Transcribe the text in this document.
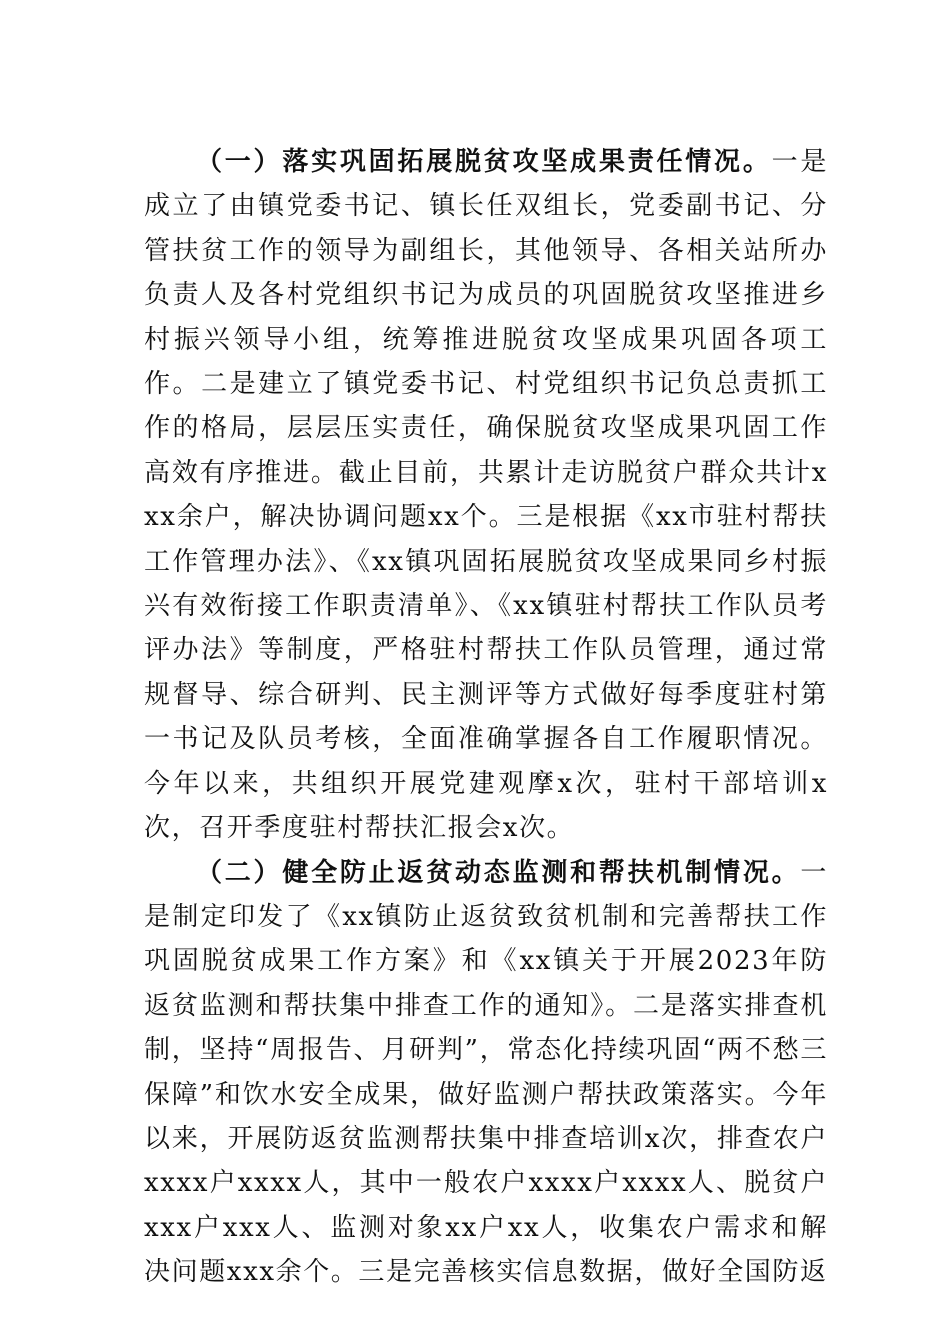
（一）落实巩固拓展脱贫攻坚成果责任情况。一是成立了由镇党委书记、镇长任双组长，党委副书记、分管扶贫工作的领导为副组长，其他领导、各相关站所办负责人及各村党组织书记为成员的巩固脱贫攻坚推进乡村振兴领导小组，统筹推进脱贫攻坚成果巩固各项工作。二是建立了镇党委书记、村党组织书记负总责抓工作的格局，层层压实责任，确保脱贫攻坚成果巩固工作高效有序推进。截止目前，共累计走访脱贫户群众共计xxx余户，解决协调问题xx个。三是根据《xx市驻村帮扶工作管理办法》、《xx镇巩固拓展脱贫攻坚成果同乡村振兴有效衔接工作职责清单》、《xx镇驻村帮扶工作队员考评办法》等制度，严格驻村帮扶工作队员管理，通过常规督导、综合研判、民主测评等方式做好每季度驻村第一书记及队员考核，全面准确掌握各自工作履职情况。今年以来，共组织开展党建观摩x次，驻村干部培训x次，召开季度驻村帮扶汇报会x次。

（二）健全防止返贫动态监测和帮扶机制情况。一是制定印发了《xx镇防止返贫致贫机制和完善帮扶工作巩固脱贫成果工作方案》和《xx镇关于开展2023年防返贫监测和帮扶集中排查工作的通知》。二是落实排查机制，坚持“周报告、月研判”，常态化持续巩固“两不愁三保障”和饮水安全成果，做好监测户帮扶政策落实。今年以来，开展防返贫监测帮扶集中排查培训x次，排查农户xxxx户xxxx人，其中一般农户xxxx户xxxx人、脱贫户xxx户xxx人、监测对象xx户xx人，收集农户需求和解决问题xxx余个。三是完善核实信息数据，做好全国防返
